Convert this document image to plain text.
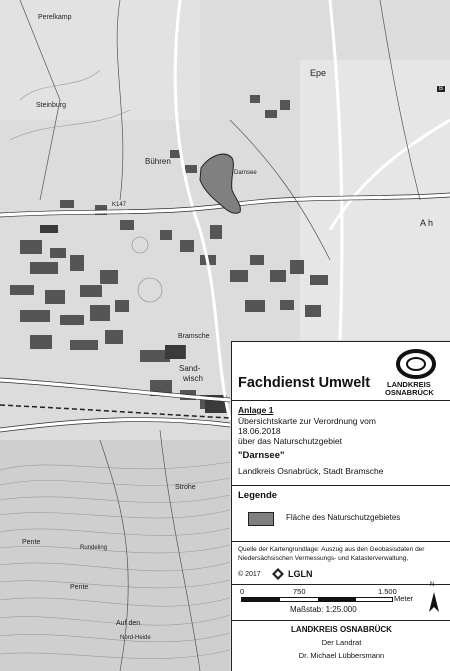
Perelkamp
Steinburg
Epe
Bühren
Darnsee
Bramsche
Sand-
wisch
Strohe
Pente
Pente
Rundeling
Auf den
Nord-Heide
K147
B
A h
LANDKREIS
OSNABRÜCK
Fachdienst Umwelt
Anlage 1
Übersichtskarte zur Verordnung vom
18.06.2018
über das Naturschutzgebiet
"Darnsee"
Landkreis Osnabrück, Stadt Bramsche
Legende
Fläche des Naturschutzgebietes
Quelle der Kartengrundlage: Auszug aus den Geobasisdaten der
Niedersächsischen Vermessungs- und Katasterverwaltung,
© 2017	LGLN
0	750	1.500
Meter
Maßstab: 1:25.000
N
LANDKREIS OSNABRÜCK
Der Landrat
Dr. Michael Lübbersmann
